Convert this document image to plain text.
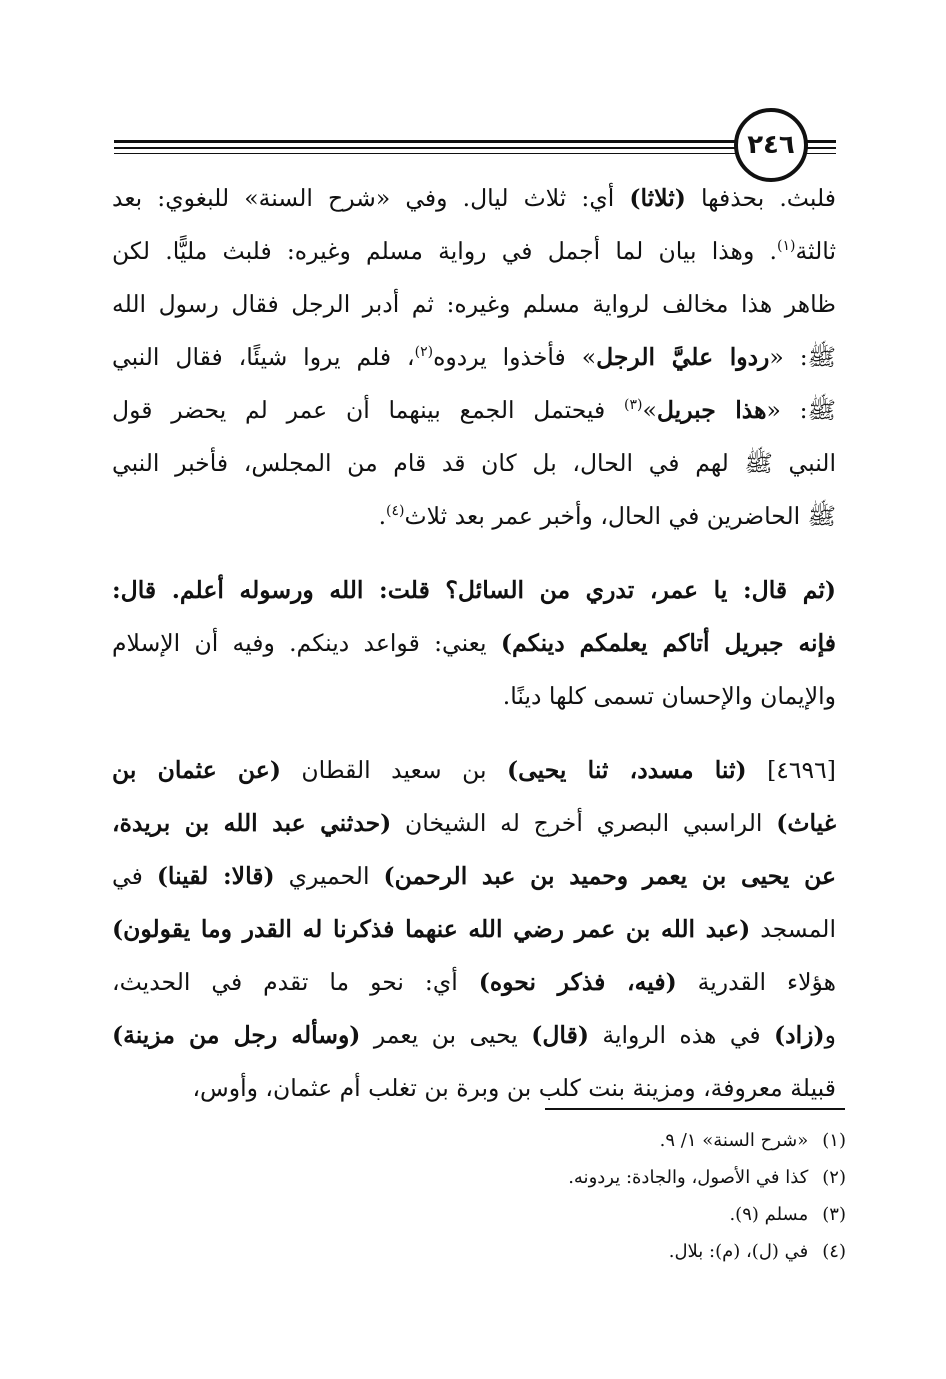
٢٤٦

فلبث. بحذفها (ثلاثا) أي: ثلاث ليال. وفي «شرح السنة» للبغوي: بعد
ثالثة$^{(١)}$. وهذا بيان لما أجمل في رواية مسلم وغيره: فلبث مليًّا. لكن
ظاهر هذا مخالف لرواية مسلم وغيره: ثم أدبر الرجل فقال رسول الله
ﷺ: «ردوا عليَّ الرجل» فأخذوا يردوه$^{(٢)}$، فلم يروا شيئًا، فقال النبي
ﷺ: «هذا جبريل»$^{(٣)}$ فيحتمل الجمع بينهما أن عمر لم يحضر قول
النبي ﷺ لهم في الحال، بل كان قد قام من المجلس، فأخبر النبي
ﷺ الحاضرين في الحال، وأخبر عمر بعد ثلاث$^{(٤)}$.

(ثم قال: يا عمر، تدري من السائل؟ قلت: الله ورسوله أعلم. قال:
فإنه جبريل أتاكم يعلمكم دينكم) يعني: قواعد دينكم. وفيه أن الإسلام
والإيمان والإحسان تسمى كلها دينًا.

[٤٦٩٦] (ثنا مسدد، ثنا يحيى) بن سعيد القطان (عن عثمان بن
غياث) الراسبي البصري أخرج له الشيخان (حدثني عبد الله بن بريدة،
عن يحيى بن يعمر وحميد بن عبد الرحمن) الحميري (قالا: لقينا) في
المسجد (عبد الله بن عمر رضي الله عنهما فذكرنا له القدر وما يقولون)
هؤلاء القدرية (فيه، فذكر نحوه) أي: نحو ما تقدم في الحديث،
و(زاد) في هذه الرواية (قال) يحيى بن يعمر (وسأله رجل من مزينة)
قبيلة معروفة، ومزينة بنت كلب بن وبرة بن تغلب أم عثمان، وأوس،

(١)«شرح السنة» ١/ ٩.
(٢)كذا في الأصول، والجادة: يردونه.
(٣)مسلم (٩).
(٤)في (ل)، (م): بلال.
